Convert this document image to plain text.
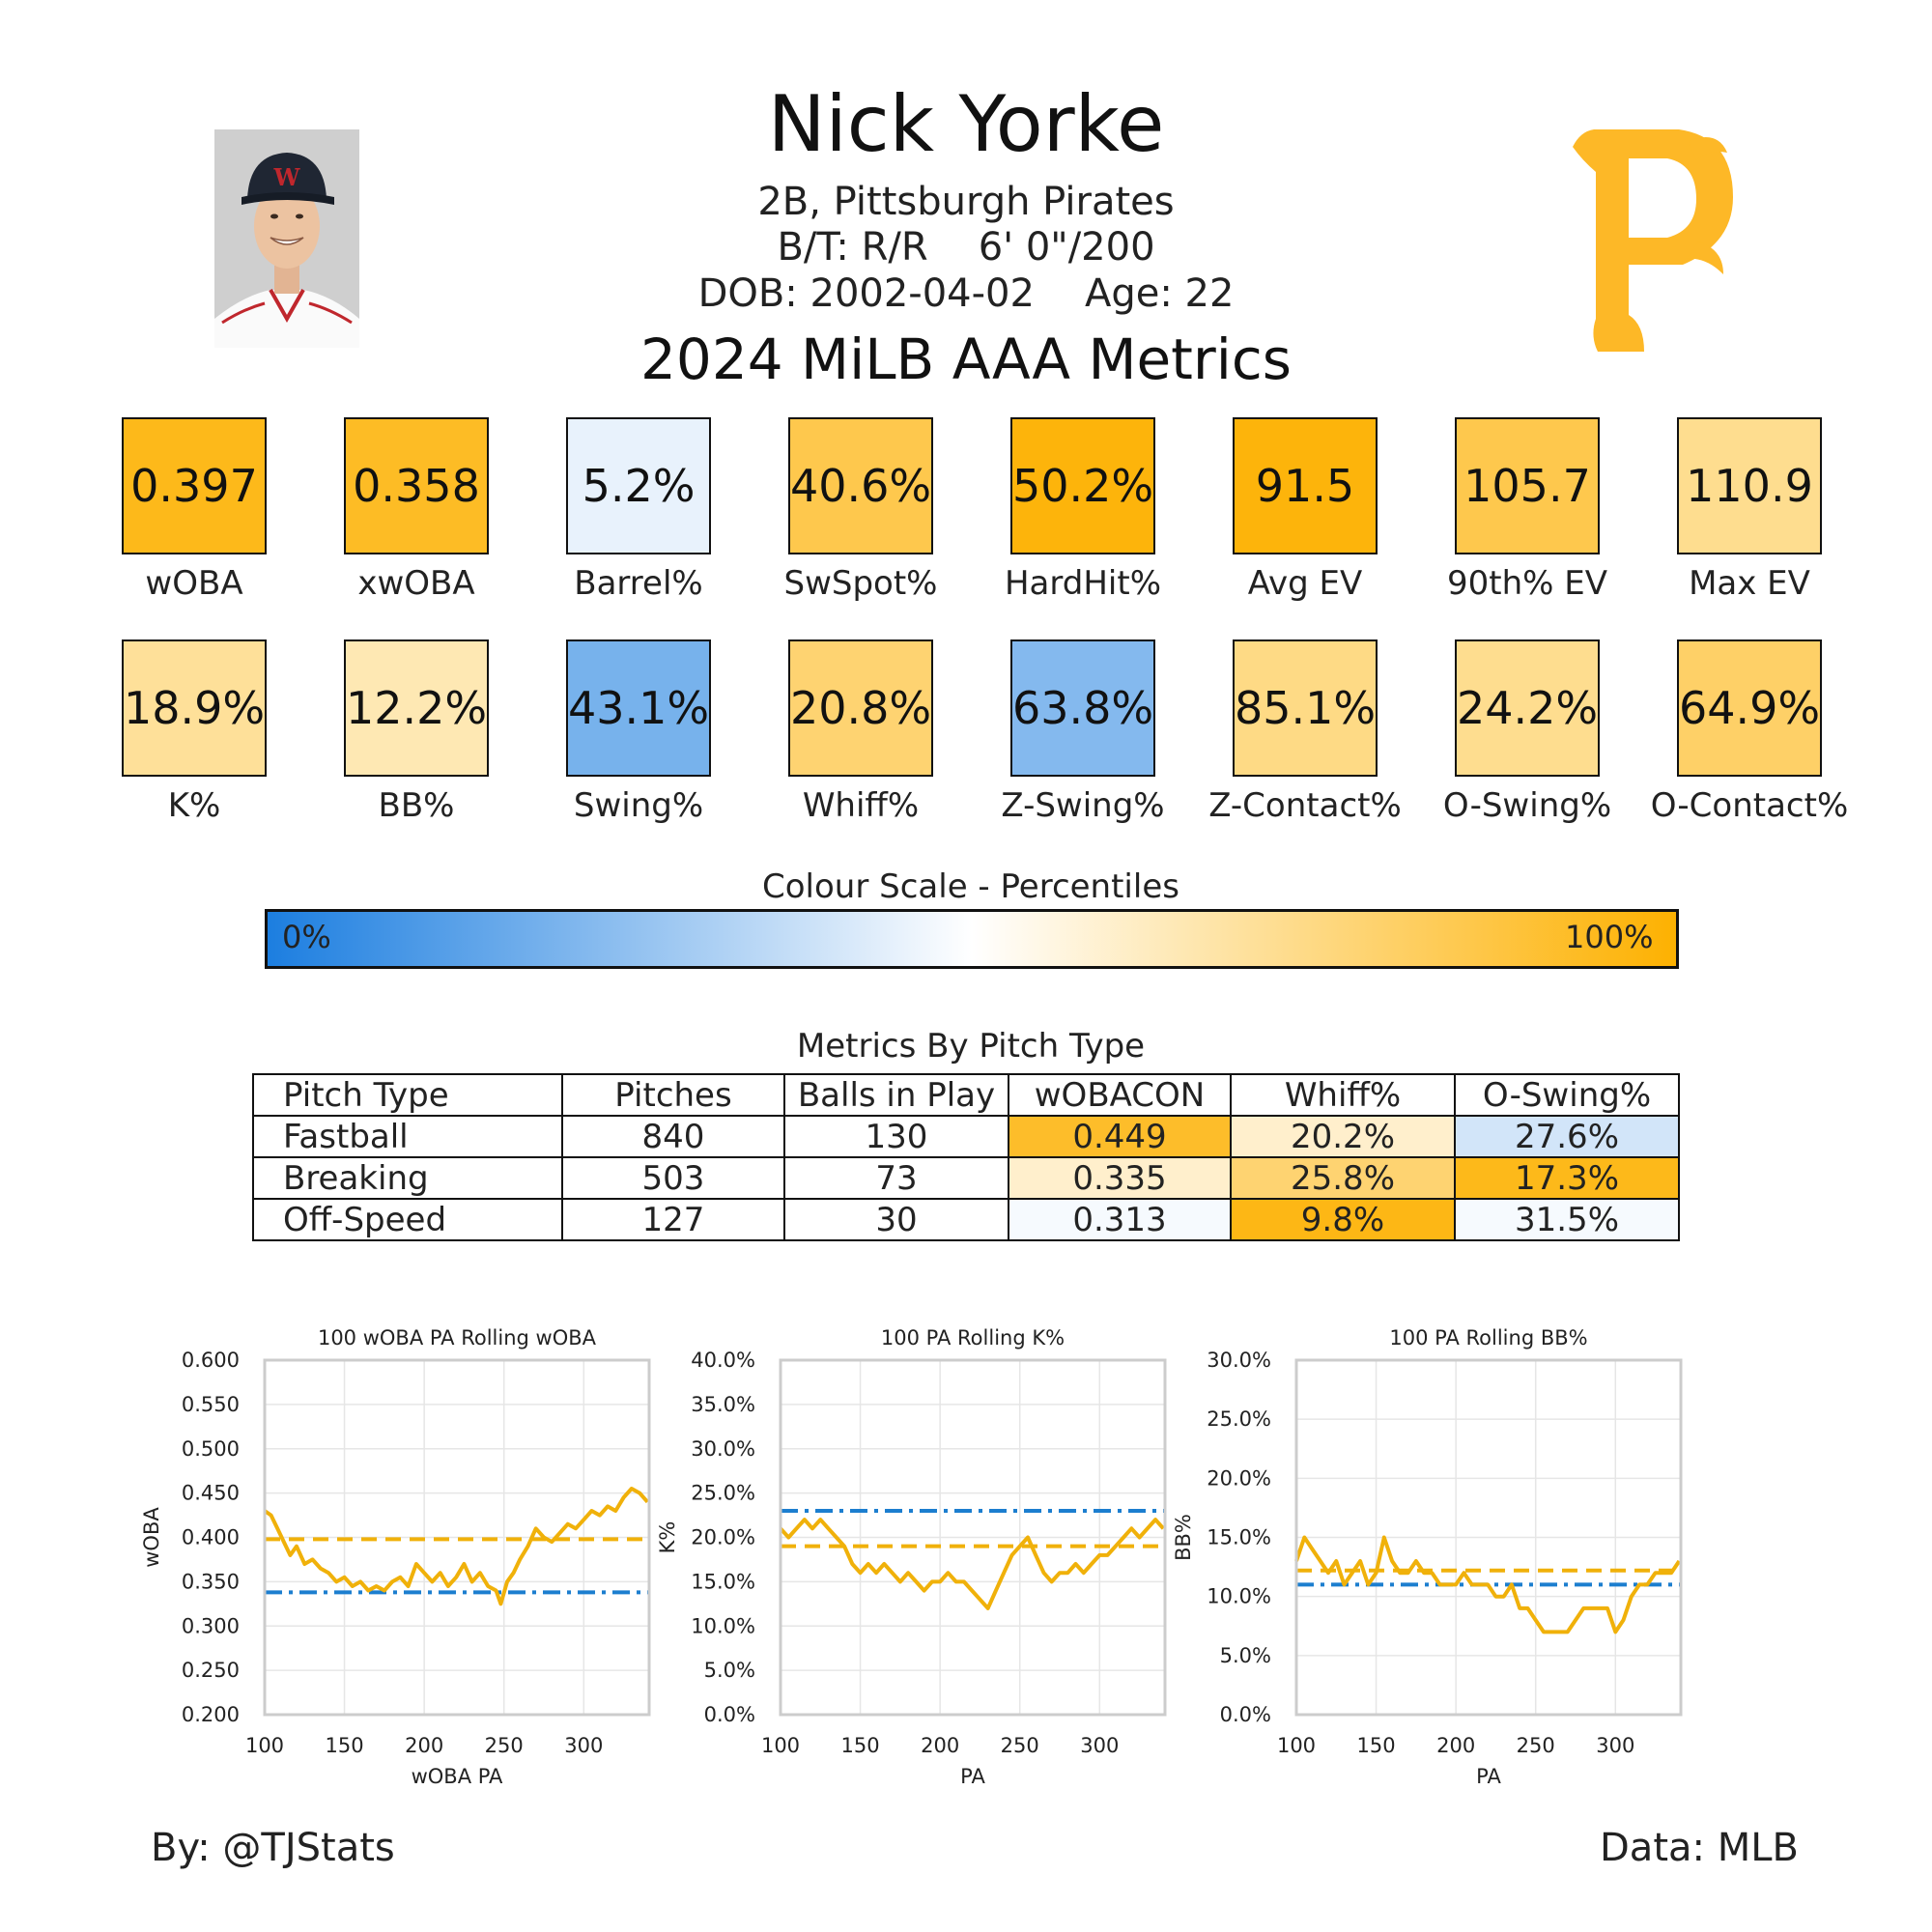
W
Nick Yorke
2B, Pittsburgh Pirates
B/T: R/R 6' 0"/200
DOB: 2002-04-02 Age: 22
2024 MiLB AAA Metrics
0.397
wOBA
0.358
xwOBA
5.2%
Barrel%
40.6%
SwSpot%
50.2%
HardHit%
91.5
Avg EV
105.7
90th% EV
110.9
Max EV
18.9%
K%
12.2%
BB%
43.1%
Swing%
20.8%
Whiff%
63.8%
Z-Swing%
85.1%
Z-Contact%
24.2%
O-Swing%
64.9%
O-Contact%
Colour Scale - Percentiles
0%	100%
Metrics By Pitch Type
Pitch Type	Pitches	Balls in Play	wOBACON	Whiff%	O-Swing%
Fastball	840	130	0.449	20.2%	27.6%
Breaking	503	73	0.335	25.8%	17.3%
Off-Speed	127	30	0.313	9.8%	31.5%
100 150 200 250 300
0.200
0.250
0.300
0.350
0.400
0.450
0.500
0.550
0.600
100 wOBA PA Rolling wOBA
wOBA PA
wOBA
100 150 200 250 300
0.0%
5.0%
10.0%
15.0%
20.0%
25.0%
30.0%
35.0%
40.0%
100 PA Rolling K%
PA
K%
100 150 200 250 300
0.0%
5.0%
10.0%
15.0%
20.0%
25.0%
30.0%
100 PA Rolling BB%
PA
BB%
By: @TJStats	Data: MLB
